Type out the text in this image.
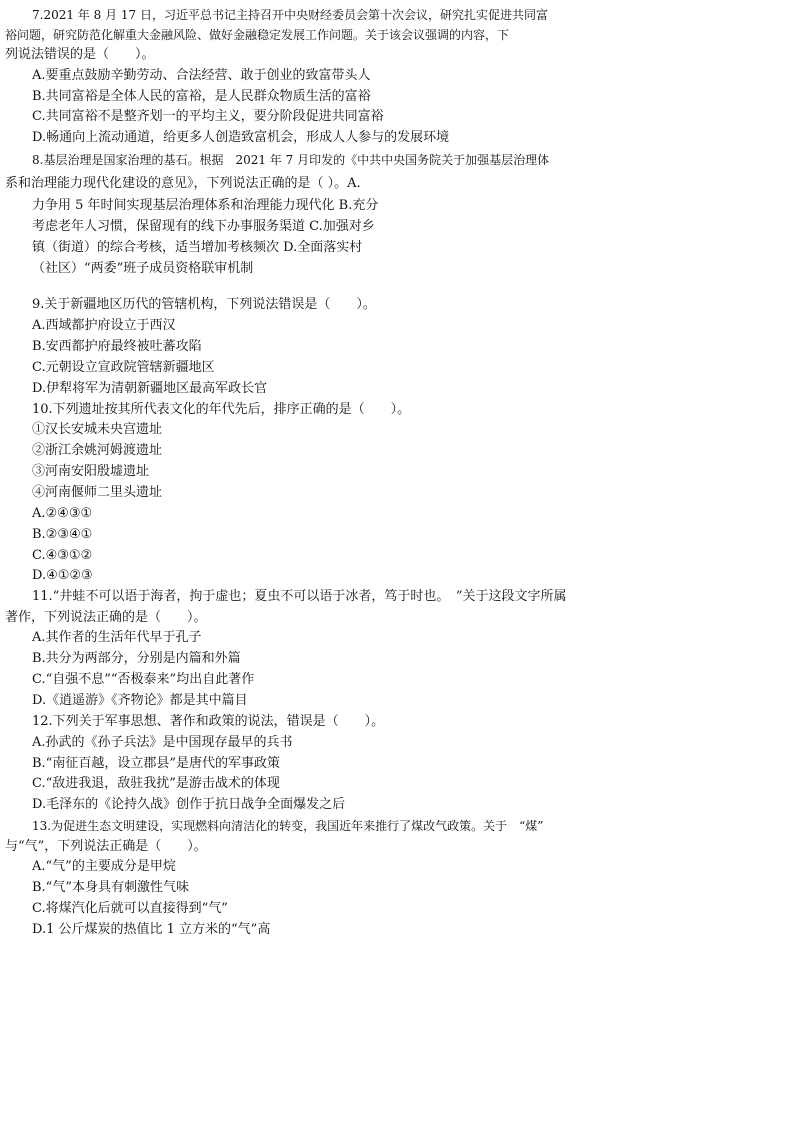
7.2021 年 8 月 17 日，习近平总书记主持召开中央财经委员会第十次会议，研究扎实促进共同富
裕问题，研究防范化解重大金融风险、做好金融稳定发展工作问题。关于该会议强调的内容，下
列说法错误的是（　　）。
A.要重点鼓励辛勤劳动、合法经营、敢于创业的致富带头人
B.共同富裕是全体人民的富裕，是人民群众物质生活的富裕
C.共同富裕不是整齐划一的平均主义，要分阶段促进共同富裕
D.畅通向上流动通道，给更多人创造致富机会，形成人人参与的发展环境
8.基层治理是国家治理的基石。根据　2021 年 7 月印发的《中共中央国务院关于加强基层治理体
系和治理能力现代化建设的意见》，下列说法正确的是（ ）。A.
力争用 5 年时间实现基层治理体系和治理能力现代化 B.充分
考虑老年人习惯，保留现有的线下办事服务渠道 C.加强对乡
镇（街道）的综合考核，适当增加考核频次 D.全面落实村
（社区）“两委”班子成员资格联审机制
9.关于新疆地区历代的管辖机构，下列说法错误是（　　）。
A.西域都护府设立于西汉
B.安西都护府最终被吐蕃攻陷
C.元朝设立宣政院管辖新疆地区
D.伊犁将军为清朝新疆地区最高军政长官
10.下列遗址按其所代表文化的年代先后，排序正确的是（　　）。
①汉长安城未央宫遗址
②浙江余姚河姆渡遗址
③河南安阳殷墟遗址
④河南偃师二里头遗址
A.②④③①
B.②③④①
C.④③①②
D.④①②③
11.“井蛙不可以语于海者，拘于虚也；夏虫不可以语于冰者，笃于时也。　”关于这段文字所属
著作，下列说法正确的是（　　）。
A.其作者的生活年代早于孔子
B.共分为两部分，分别是内篇和外篇
C.“自强不息”“否极泰来”均出自此著作
D.《逍遥游》《齐物论》都是其中篇目
12.下列关于军事思想、著作和政策的说法，错误是（　　）。
A.孙武的《孙子兵法》是中国现存最早的兵书
B.“南征百越，设立郡县”是唐代的军事政策
C.“敌进我退，敌驻我扰”是游击战术的体现
D.毛泽东的《论持久战》创作于抗日战争全面爆发之后
13.为促进生态文明建设，实现燃料向清洁化的转变，我国近年来推行了煤改气政策。关于　“煤”
与“气”，下列说法正确是（　　）。
A.“气”的主要成分是甲烷
B.“气”本身具有刺激性气味
C.将煤汽化后就可以直接得到“气”
D.1 公斤煤炭的热值比 1 立方米的“气”高
